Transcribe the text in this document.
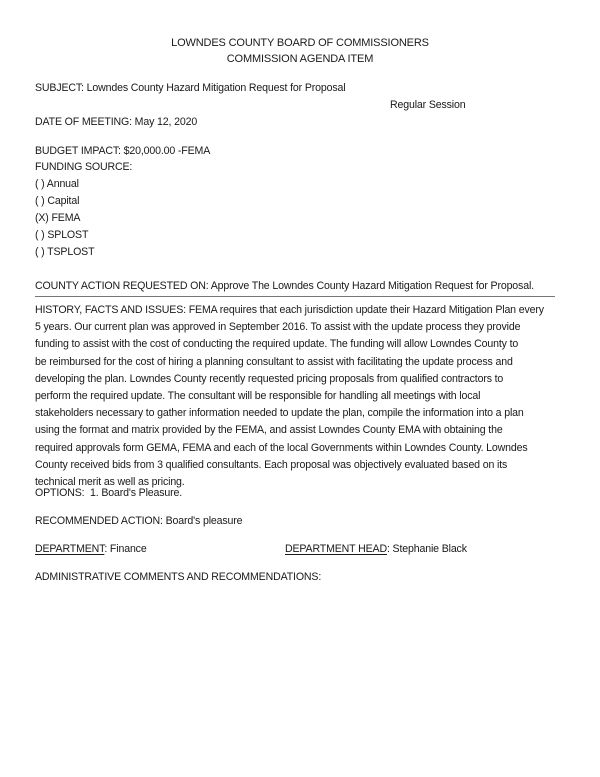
LOWNDES COUNTY BOARD OF COMMISSIONERS
COMMISSION AGENDA ITEM
SUBJECT: Lowndes County Hazard Mitigation Request for Proposal
Regular Session
DATE OF MEETING: May 12, 2020
BUDGET IMPACT: $20,000.00 -FEMA
FUNDING SOURCE:
( ) Annual
( ) Capital
(X) FEMA
( ) SPLOST
( ) TSPLOST
COUNTY ACTION REQUESTED ON: Approve The Lowndes County Hazard Mitigation Request for Proposal.
HISTORY, FACTS AND ISSUES: FEMA requires that each jurisdiction update their Hazard Mitigation Plan every
5 years. Our current plan was approved in September 2016. To assist with the update process they provide
funding to assist with the cost of conducting the required update. The funding will allow Lowndes County to
be reimbursed for the cost of hiring a planning consultant to assist with facilitating the update process and
developing the plan. Lowndes County recently requested pricing proposals from qualified contractors to
perform the required update. The consultant will be responsible for handling all meetings with local
stakeholders necessary to gather information needed to update the plan, compile the information into a plan
using the format and matrix provided by the FEMA, and assist Lowndes County EMA with obtaining the
required approvals form GEMA, FEMA and each of the local Governments within Lowndes County. Lowndes
County received bids from 3 qualified consultants. Each proposal was objectively evaluated based on its
technical merit as well as pricing.
OPTIONS: 1. Board's Pleasure.
RECOMMENDED ACTION: Board's pleasure
DEPARTMENT: Finance	DEPARTMENT HEAD: Stephanie Black
ADMINISTRATIVE COMMENTS AND RECOMMENDATIONS:
